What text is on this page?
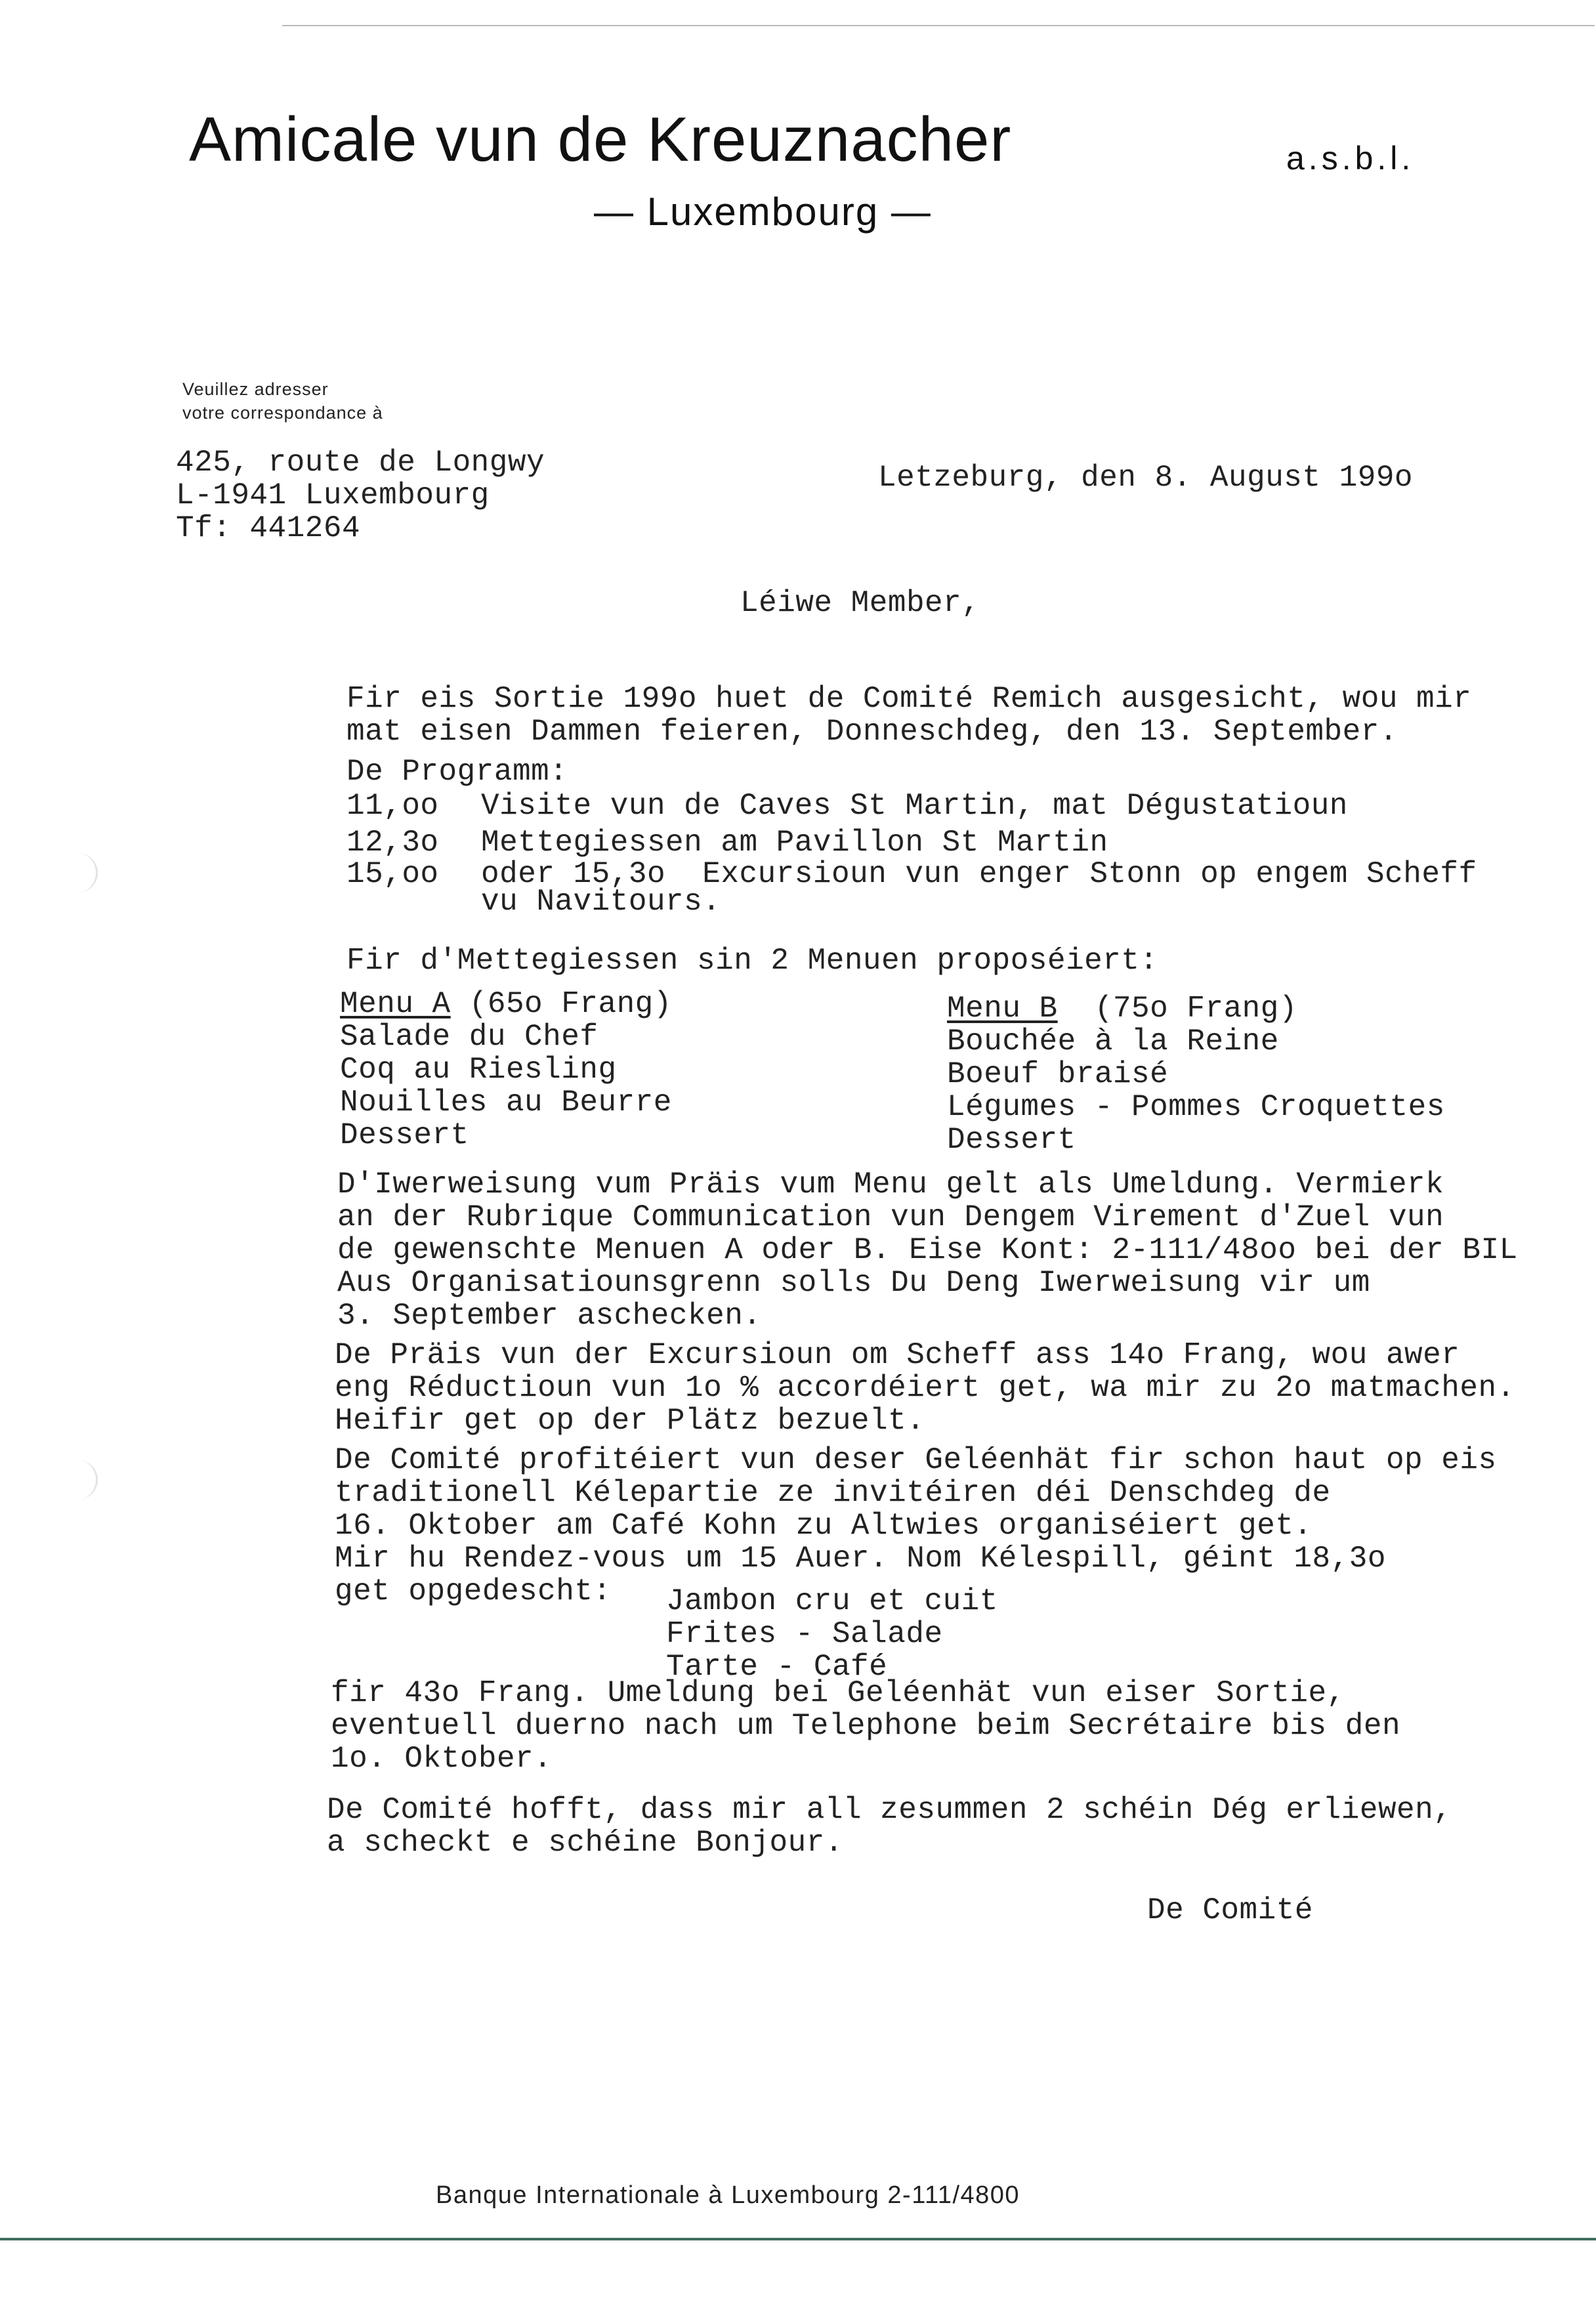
Amicale vun de Kreuznacher	a.s.b.l.
— Luxembourg —
Veuillez adresser
votre correspondance à
425, route de Longwy
L-1941 Luxembourg
Tf: 441264
Letzeburg, den 8. August 199o
Léiwe Member,
Fir eis Sortie 199o huet de Comité Remich ausgesicht, wou mir
mat eisen Dammen feieren, Donneschdeg, den 13. September.
De Programm:
11,oo Visite vun de Caves St Martin, mat Dégustatioun
12,3o Mettegiessen am Pavillon St Martin
15,oo oder 15,3o  Excursioun vun enger Stonn op engem Scheff
vu Navitours.
Fir d'Mettegiessen sin 2 Menuen proposéiert:
Menu A (65o Frang)
Salade du Chef
Coq au Riesling
Nouilles au Beurre
Dessert
Menu B  (75o Frang)
Bouchée à la Reine
Boeuf braisé
Légumes - Pommes Croquettes
Dessert
D'Iwerweisung vum Präis vum Menu gelt als Umeldung. Vermierk
an der Rubrique Communication vun Dengem Virement d'Zuel vun
de gewenschte Menuen A oder B. Eise Kont: 2-111/48oo bei der BIL
Aus Organisatiounsgrenn solls Du Deng Iwerweisung vir um
3. September aschecken.
De Präis vun der Excursioun om Scheff ass 14o Frang, wou awer
eng Réductioun vun 1o % accordéiert get, wa mir zu 2o matmachen.
Heifir get op der Plätz bezuelt.
De Comité profitéiert vun deser Geléenhät fir schon haut op eis
traditionell Kélepartie ze invitéiren déi Denschdeg de
16. Oktober am Café Kohn zu Altwies organiséiert get.
Mir hu Rendez-vous um 15 Auer. Nom Kélespill, géint 18,3o
get opgedescht:	Jambon cru et cuit
Frites - Salade
Tarte - Café
fir 43o Frang. Umeldung bei Geléenhät vun eiser Sortie,
eventuell duerno nach um Telephone beim Secrétaire bis den
1o. Oktober.
De Comité hofft, dass mir all zesummen 2 schéin Dég erliewen,
a scheckt e schéine Bonjour.
De Comité
Banque Internationale à Luxembourg 2-111/4800
